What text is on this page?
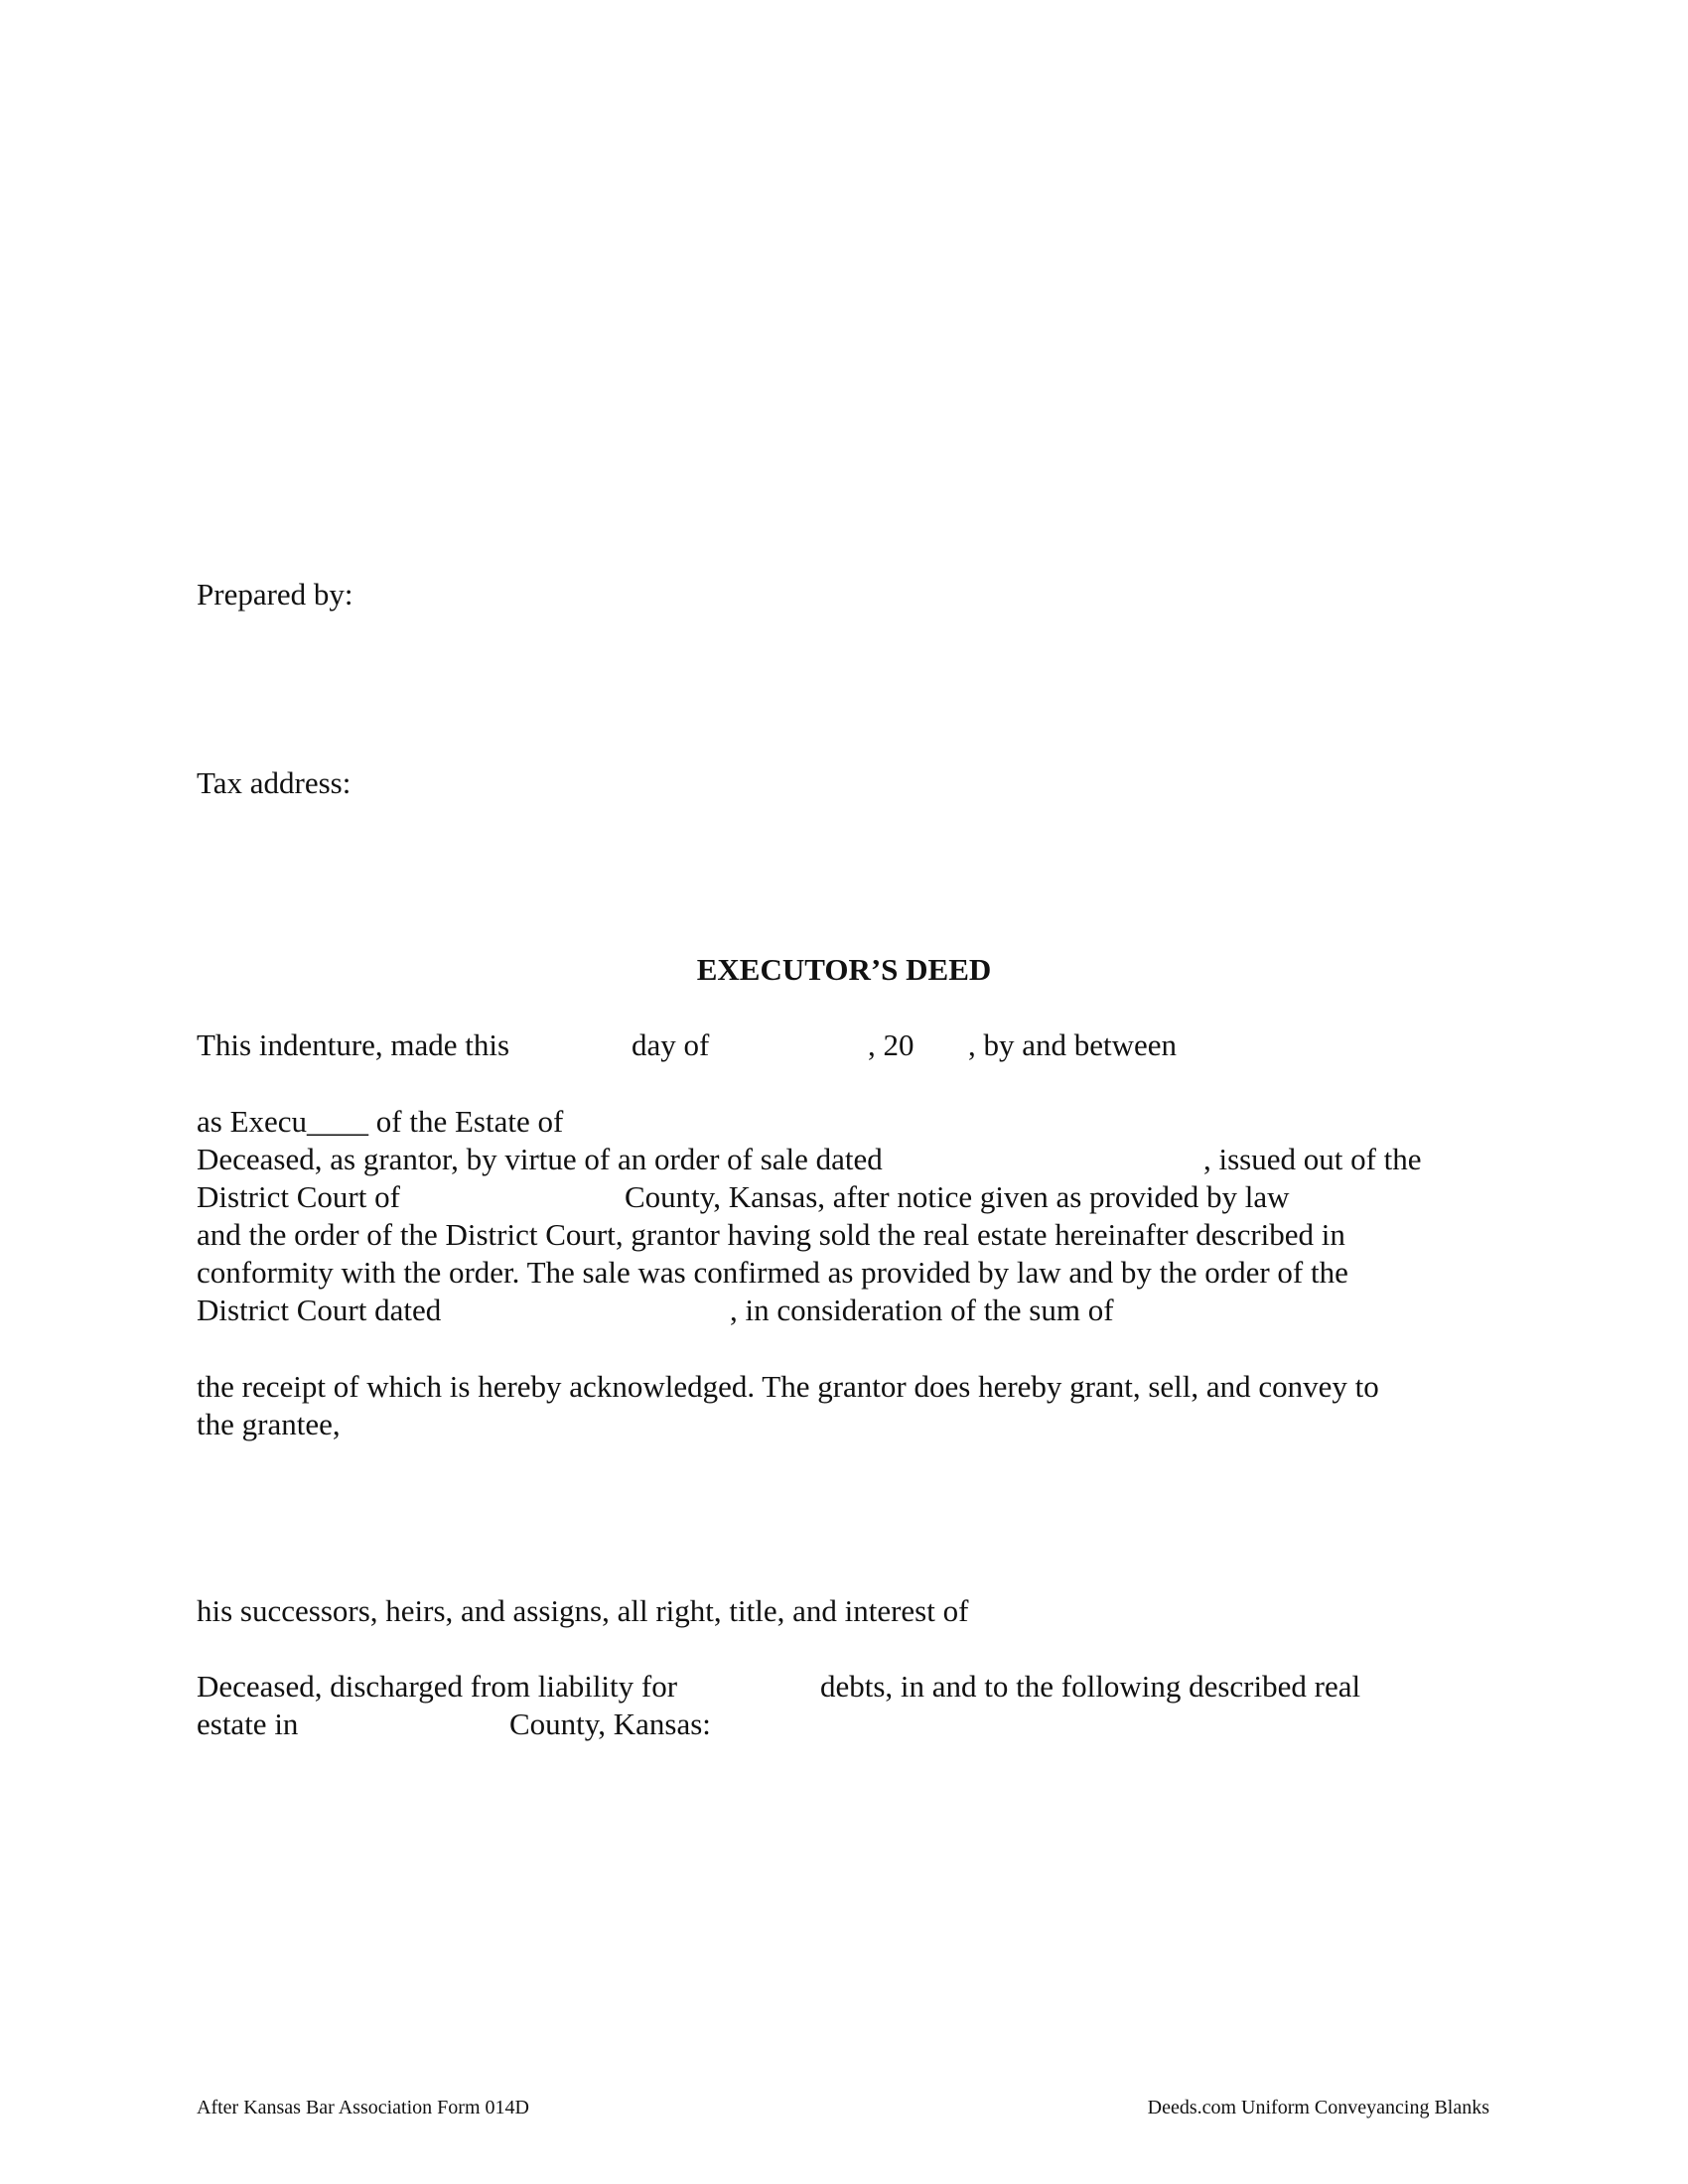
Prepared by:
Tax address:
EXECUTOR’S DEED
This indenture, made this	day of	, 20 , by and between
as Execu____ of the Estate of
Deceased, as grantor, by virtue of an order of sale dated	, issued out of the
District Court of	County, Kansas, after notice given as provided by law
and the order of the District Court, grantor having sold the real estate hereinafter described in
conformity with the order. The sale was confirmed as provided by law and by the order of the
District Court dated	, in consideration of the sum of
the receipt of which is hereby acknowledged. The grantor does hereby grant, sell, and convey to
the grantee,
his successors, heirs, and assigns, all right, title, and interest of
Deceased, discharged from liability for	debts, in and to the following described real
estate in	County, Kansas:
After Kansas Bar Association Form 014D	Deeds.com Uniform Conveyancing Blanks
